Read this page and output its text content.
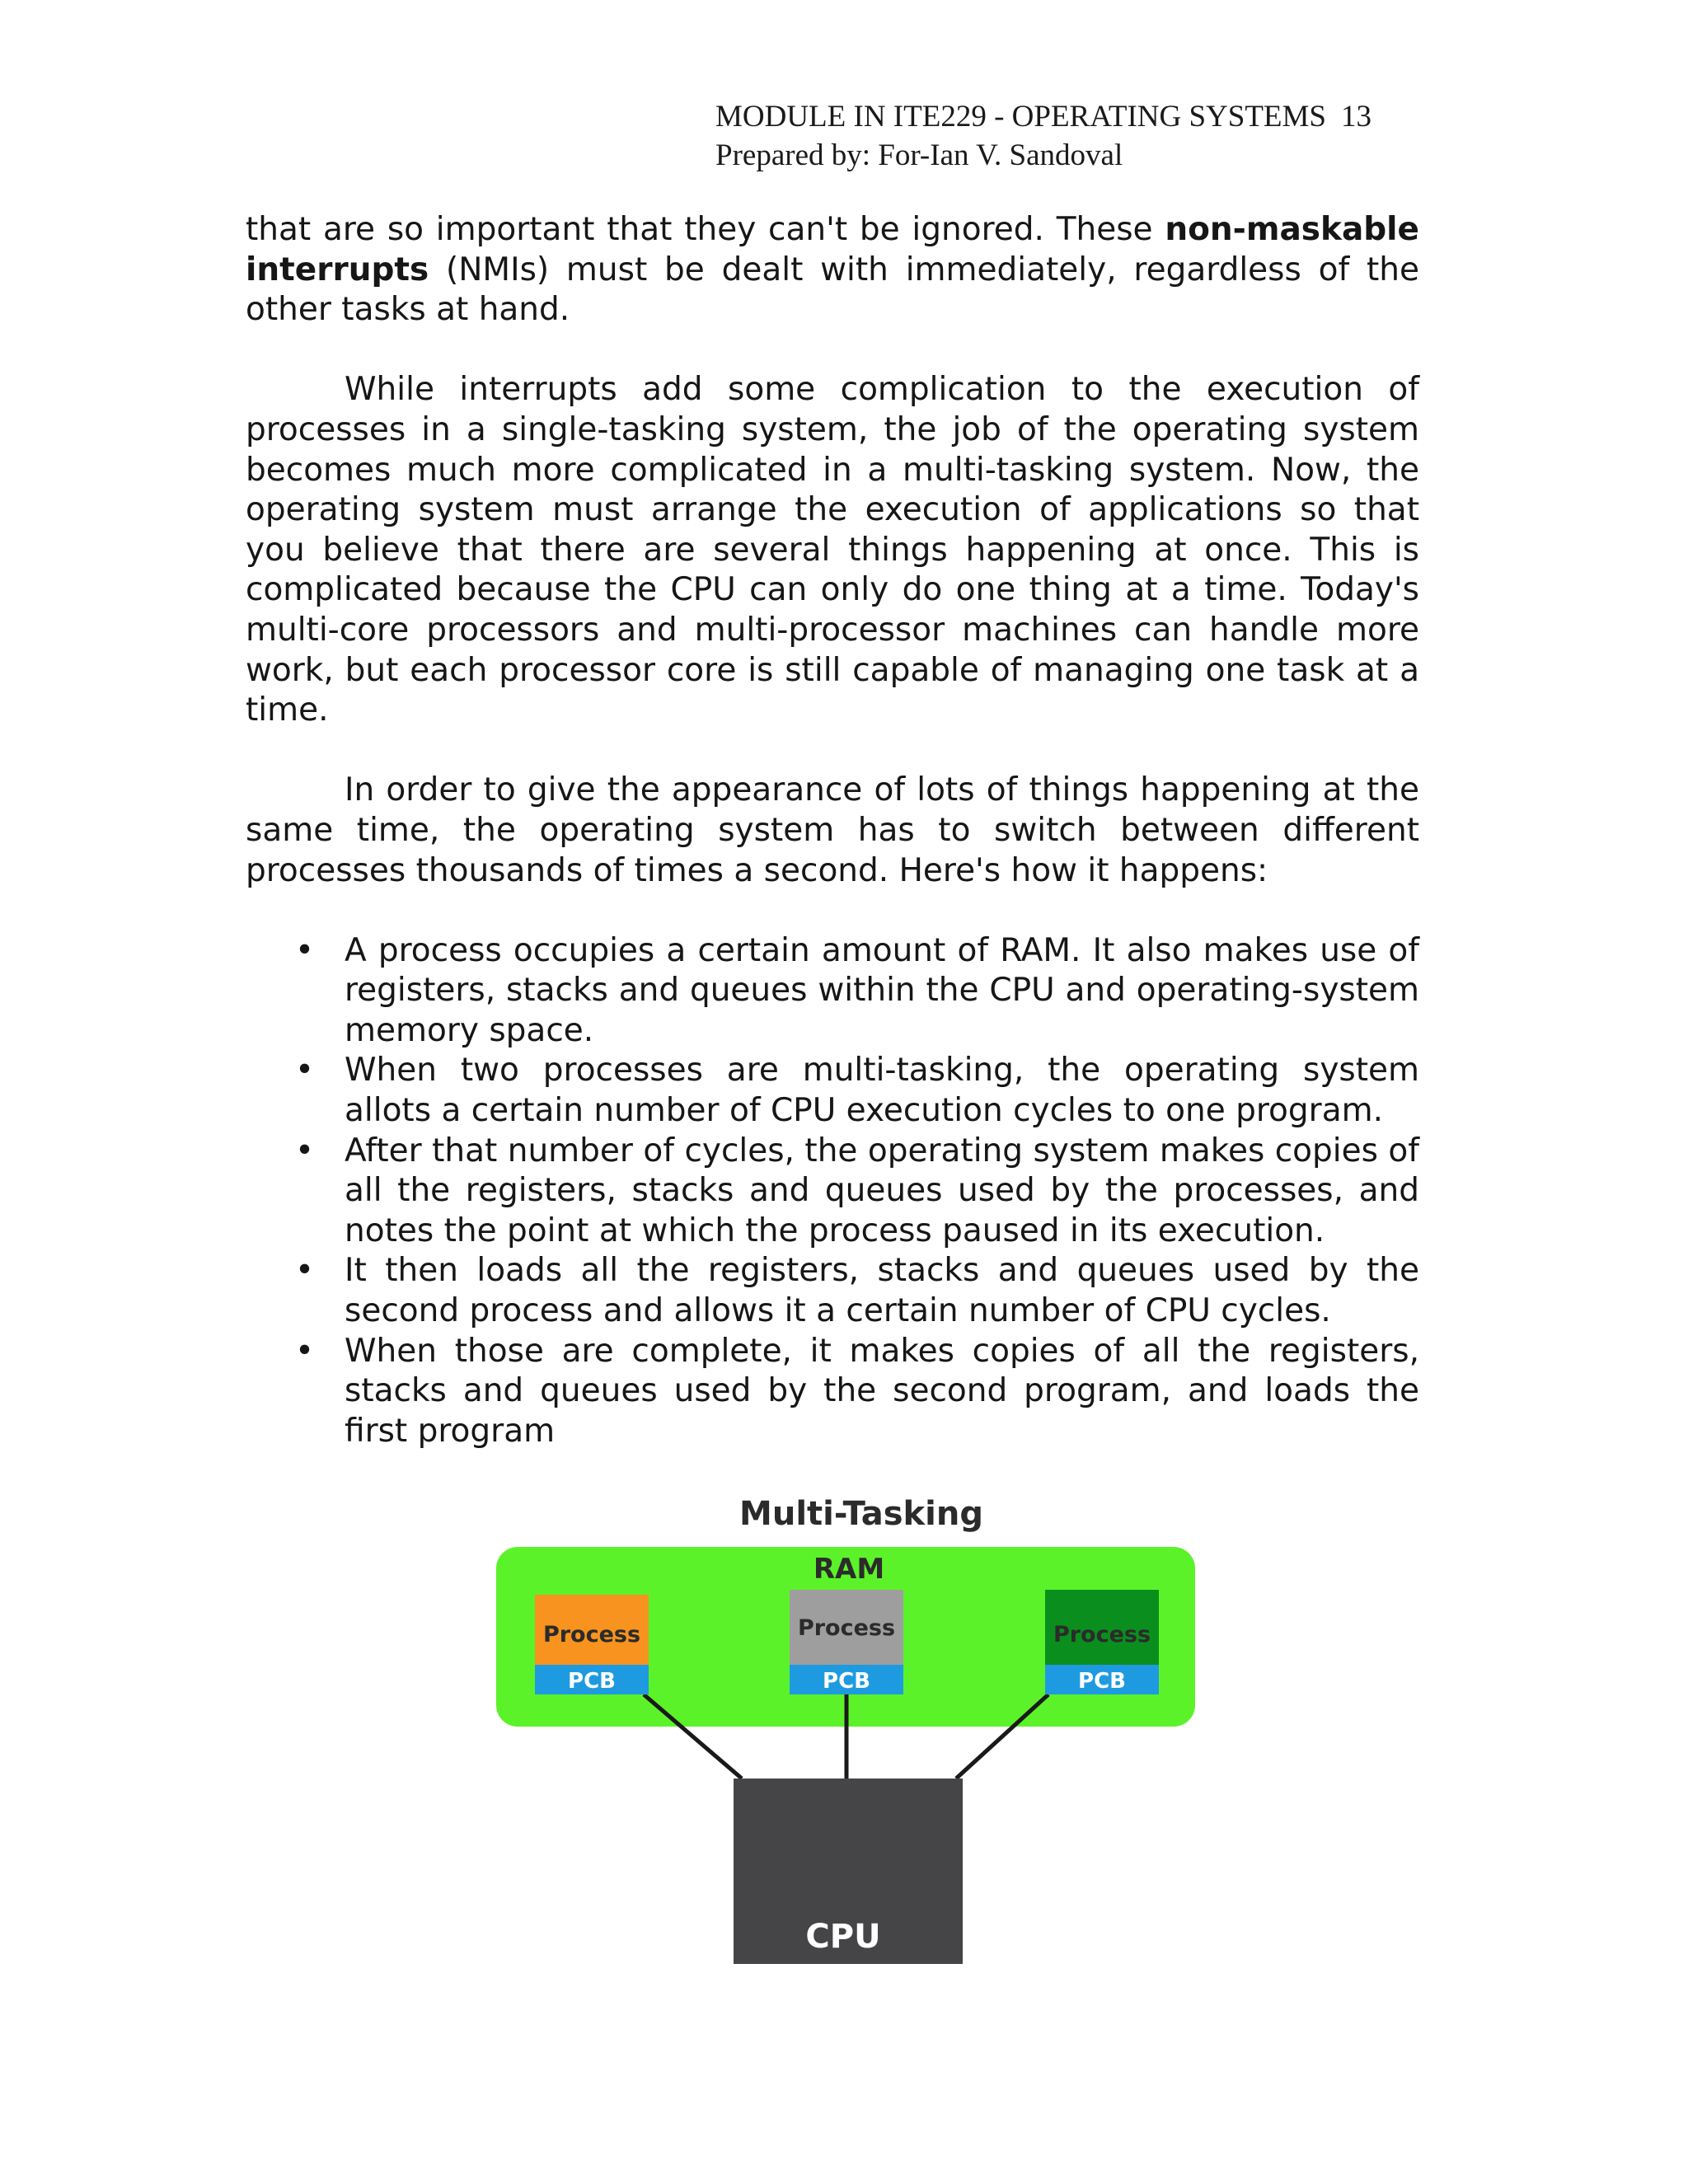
MODULE IN ITE229 - OPERATING SYSTEMS 13
Prepared by: For-Ian V. Sandoval

that are so important that they can't be ignored. These non-maskable interrupts (NMIs) must be dealt with immediately, regardless of the other tasks at hand.

While interrupts add some complication to the execution of processes in a single-tasking system, the job of the operating system becomes much more complicated in a multi-tasking system. Now, the operating system must arrange the execution of applications so that you believe that there are several things happening at once. This is complicated because the CPU can only do one thing at a time. Today's multi-core processors and multi-processor machines can handle more work, but each processor core is still capable of managing one task at a time.

In order to give the appearance of lots of things happening at the same time, the operating system has to switch between different processes thousands of times a second. Here's how it happens:

• A process occupies a certain amount of RAM. It also makes use of registers, stacks and queues within the CPU and operating-system memory space.
• When two processes are multi-tasking, the operating system allots a certain number of CPU execution cycles to one program.
• After that number of cycles, the operating system makes copies of all the registers, stacks and queues used by the processes, and notes the point at which the process paused in its execution.
• It then loads all the registers, stacks and queues used by the second process and allows it a certain number of CPU cycles.
• When those are complete, it makes copies of all the registers, stacks and queues used by the second program, and loads the first program
Multi-Tasking
RAM
Process
PCB
Process
PCB
Process
PCB
CPU
